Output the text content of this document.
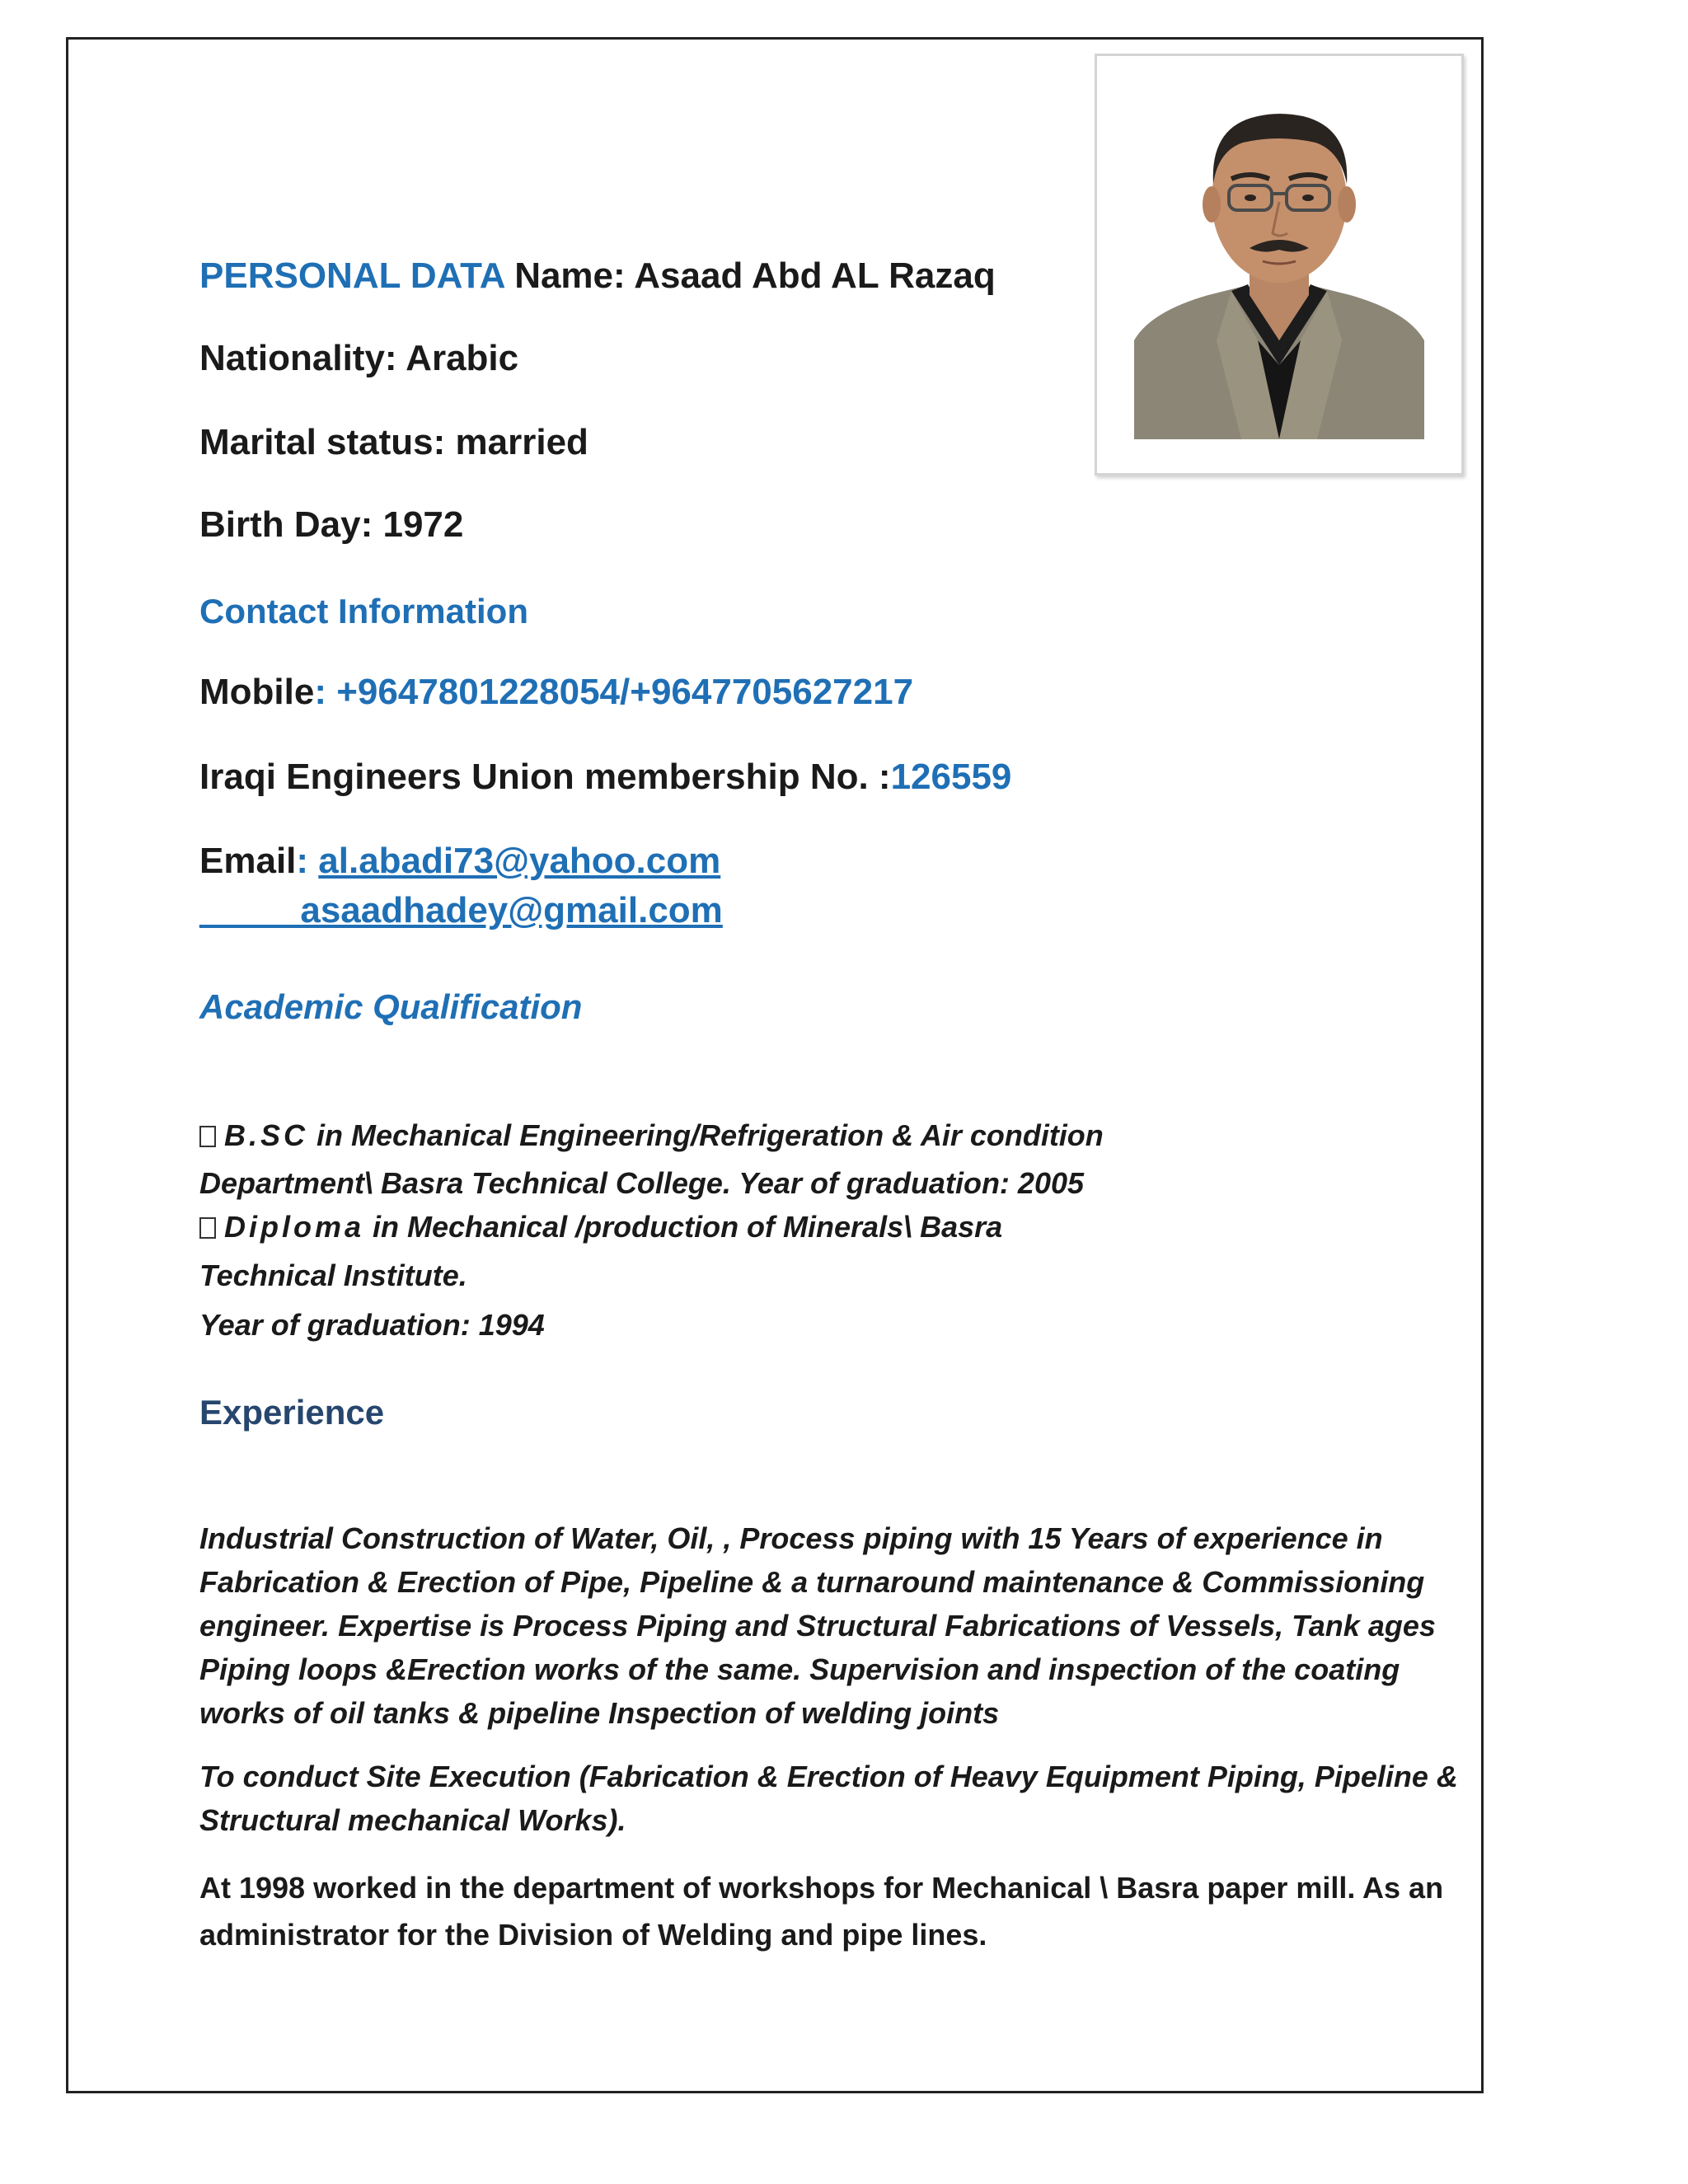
PERSONAL DATA Name: Asaad Abd AL Razaq
Nationality: Arabic
Marital status: married
Birth Day: 1972
Contact Information
Mobile: +9647801228054/+9647705627217
Iraqi Engineers Union membership No. :126559
Email: al.abadi73@yahoo.com
_____asaadhadey@gmail.com
Academic Qualification
B.SC in Mechanical Engineering/Refrigeration & Air condition
Department\ Basra Technical College. Year of graduation: 2005
Diploma in Mechanical /production of Minerals\ Basra
Technical Institute.
Year of graduation: 1994
Experience
Industrial Construction of Water, Oil, , Process piping with 15 Years of experience in Fabrication & Erection of Pipe, Pipeline & a turnaround maintenance & Commissioning engineer. Expertise is Process Piping and Structural Fabrications of Vessels, Tank ages Piping loops &Erection works of the same. Supervision and inspection of the coating works of oil tanks & pipeline Inspection of welding joints
To conduct Site Execution (Fabrication & Erection of Heavy Equipment Piping, Pipeline & Structural mechanical Works).
At 1998 worked in the department of workshops for Mechanical \ Basra paper mill. As an administrator for the Division of Welding and pipe lines.
